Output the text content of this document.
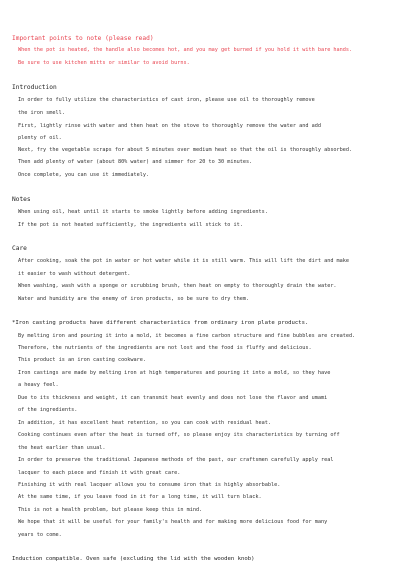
Important points to note (please read)
When the pot is heated, the handle also becomes hot, and you may get burned if you hold it with bare hands.
Be sure to use kitchen mitts or similar to avoid burns.
Introduction
In order to fully utilize the characteristics of cast iron, please use oil to thoroughly remove
the iron smell.
First, lightly rinse with water and then heat on the stove to thoroughly remove the water and add
plenty of oil.
Next, fry the vegetable scraps for about 5 minutes over medium heat so that the oil is thoroughly absorbed.
Then add plenty of water (about 80% water) and simmer for 20 to 30 minutes.
Once complete, you can use it immediately.
Notes
When using oil, heat until it starts to smoke lightly before adding ingredients.
If the pot is not heated sufficiently, the ingredients will stick to it.
Care
After cooking, soak the pot in water or hot water while it is still warm. This will lift the dirt and make
it easier to wash without detergent.
When washing, wash with a sponge or scrubbing brush, then heat on empty to thoroughly drain the water.
Water and humidity are the enemy of iron products, so be sure to dry them.
*Iron casting products have different characteristics from ordinary iron plate products.
By melting iron and pouring it into a mold, it becomes a fine carbon structure and fine bubbles are created.
Therefore, the nutrients of the ingredients are not lost and the food is fluffy and delicious.
This product is an iron casting cookware.
Iron castings are made by melting iron at high temperatures and pouring it into a mold, so they have
a heavy feel.
Due to its thickness and weight, it can transmit heat evenly and does not lose the flavor and umami
of the ingredients.
In addition, it has excellent heat retention, so you can cook with residual heat.
Cooking continues even after the heat is turned off, so please enjoy its characteristics by turning off
the heat earlier than usual.
In order to preserve the traditional Japanese methods of the past, our craftsmen carefully apply real
lacquer to each piece and finish it with great care.
Finishing it with real lacquer allows you to consume iron that is highly absorbable.
At the same time, if you leave food in it for a long time, it will turn black.
This is not a health problem, but please keep this in mind.
We hope that it will be useful for your family's health and for making more delicious food for many
years to come.
Induction compatible. Oven safe (excluding the lid with the wooden knob)
